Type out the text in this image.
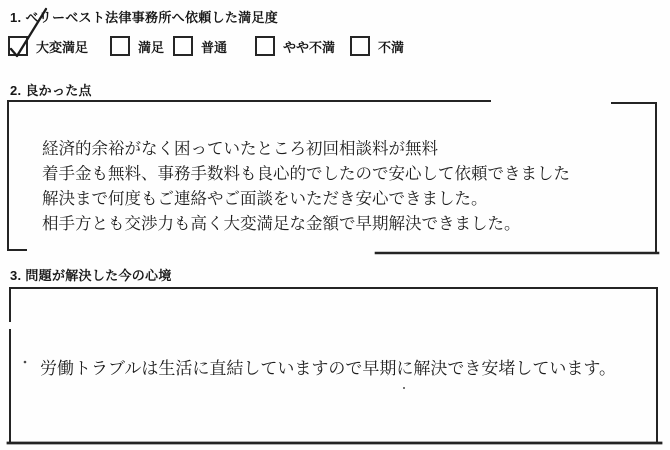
1. ベリーベスト法律事務所へ依頼した満足度
大変満足	満足	普通	やや不満	不満
2. 良かった点
経済的余裕がなく困っていたところ初回相談料が無料
着手金も無料、事務手数料も良心的でしたので安心して依頼できました
解決まで何度もご連絡やご面談をいただき安心できました。
相手方とも交渉力も高く大変満足な金額で早期解決できました。
3. 問題が解決した今の心境
労働トラブルは生活に直結していますので早期に解決でき安堵しています。
